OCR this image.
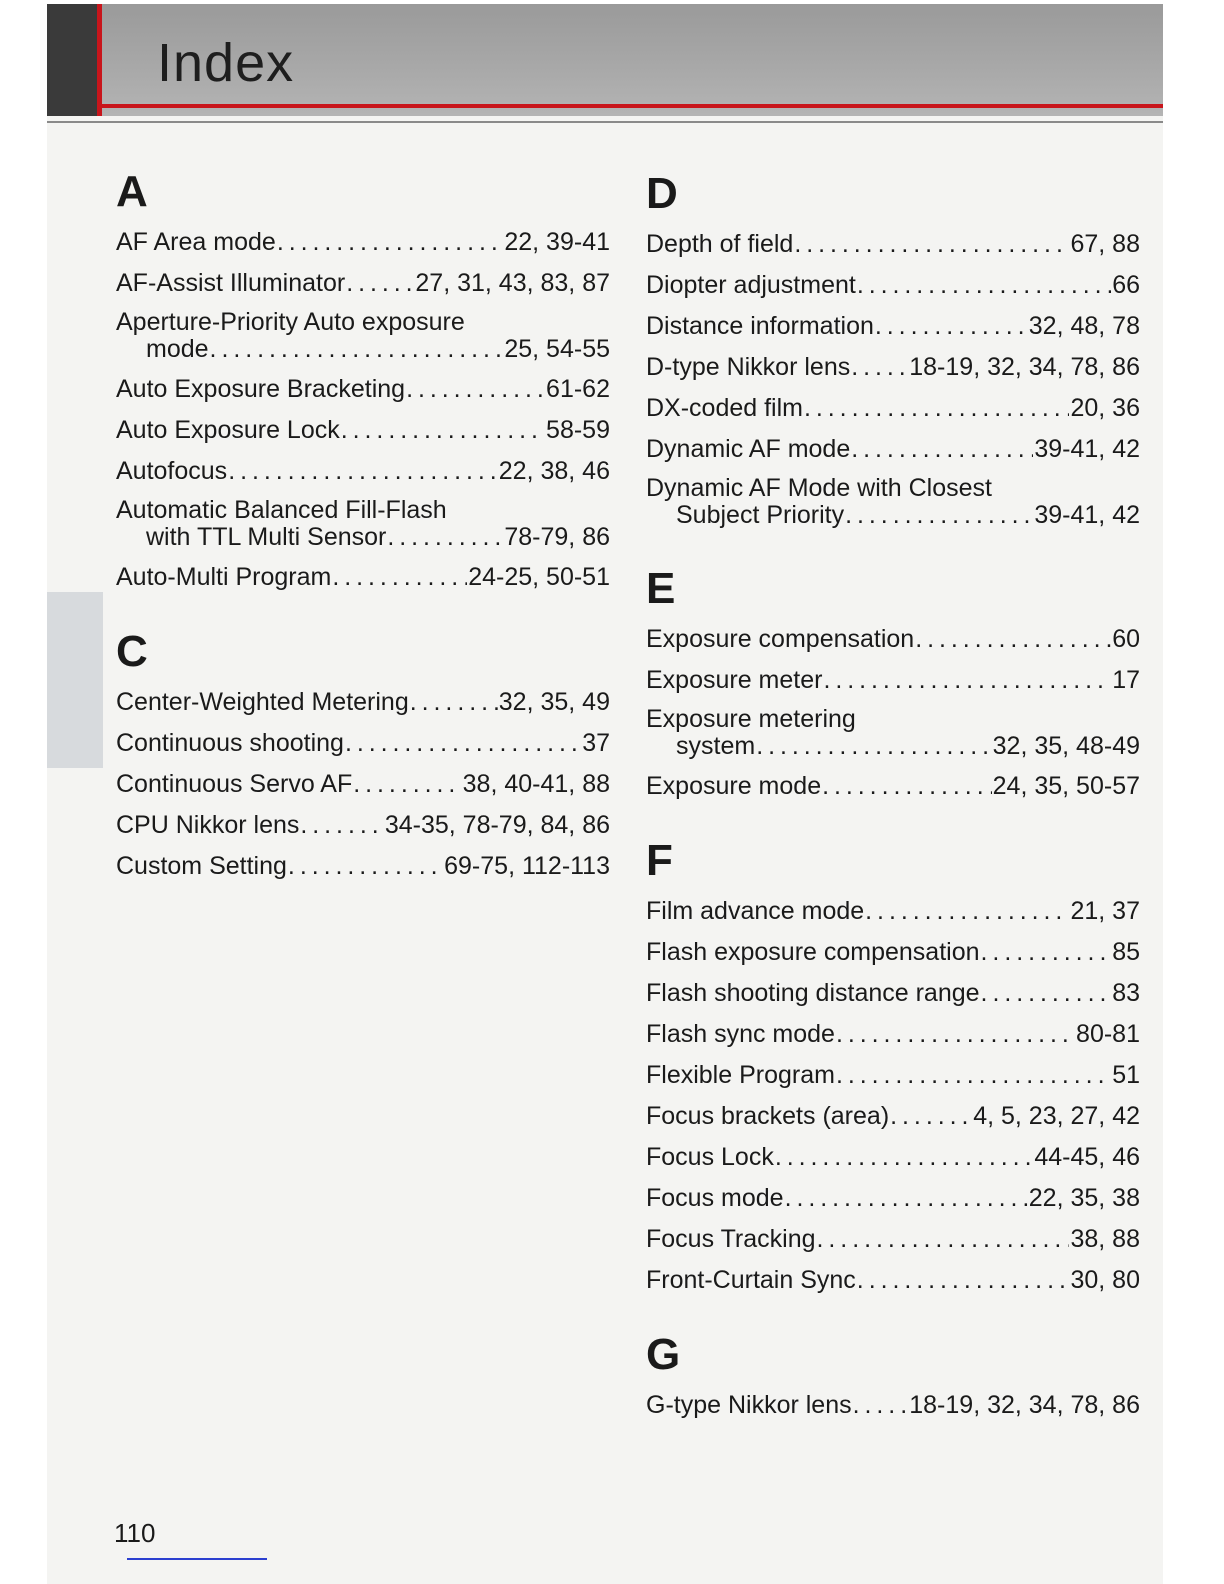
Index
A
AF Area mode . . .	22, 39-41
AF-Assist Illuminator . . .	27, 31, 43, 83, 87
Aperture-Priority Auto exposure
mode . . .	25, 54-55
Auto Exposure Bracketing . . .	61-62
Auto Exposure Lock . . .	58-59
Autofocus . . .	22, 38, 46
Automatic Balanced Fill-Flash
with TTL Multi Sensor . . .	78-79, 86
Auto-Multi Program . . .	24-25, 50-51
C
Center-Weighted Metering . . .	32, 35, 49
Continuous shooting . . .	37
Continuous Servo AF . . .	38, 40-41, 88
CPU Nikkor lens . . .	34-35, 78-79, 84, 86
Custom Setting . . .	69-75, 112-113
D
Depth of field . . .	67, 88
Diopter adjustment . . .	66
Distance information . . .	32, 48, 78
D-type Nikkor lens . . . 18-19, 32, 34, 78, 86
DX-coded film . . .	20, 36
Dynamic AF mode . . .	39-41, 42
Dynamic AF Mode with Closest
Subject Priority . . .	39-41, 42
E
Exposure compensation . . .	60
Exposure meter . . .	17
Exposure metering
system . . .	32, 35, 48-49
Exposure mode . . .	24, 35, 50-57
F
Film advance mode . . .	21, 37
Flash exposure compensation . . .	85
Flash shooting distance range . . .	83
Flash sync mode . . .	80-81
Flexible Program . . .	51
Focus brackets (area) . . .	4, 5, 23, 27, 42
Focus Lock . . .	44-45, 46
Focus mode . . .	22, 35, 38
Focus Tracking . . .	38, 88
Front-Curtain Sync . . .	30, 80
G
G-type Nikkor lens . . . 18-19, 32, 34, 78, 86
110
